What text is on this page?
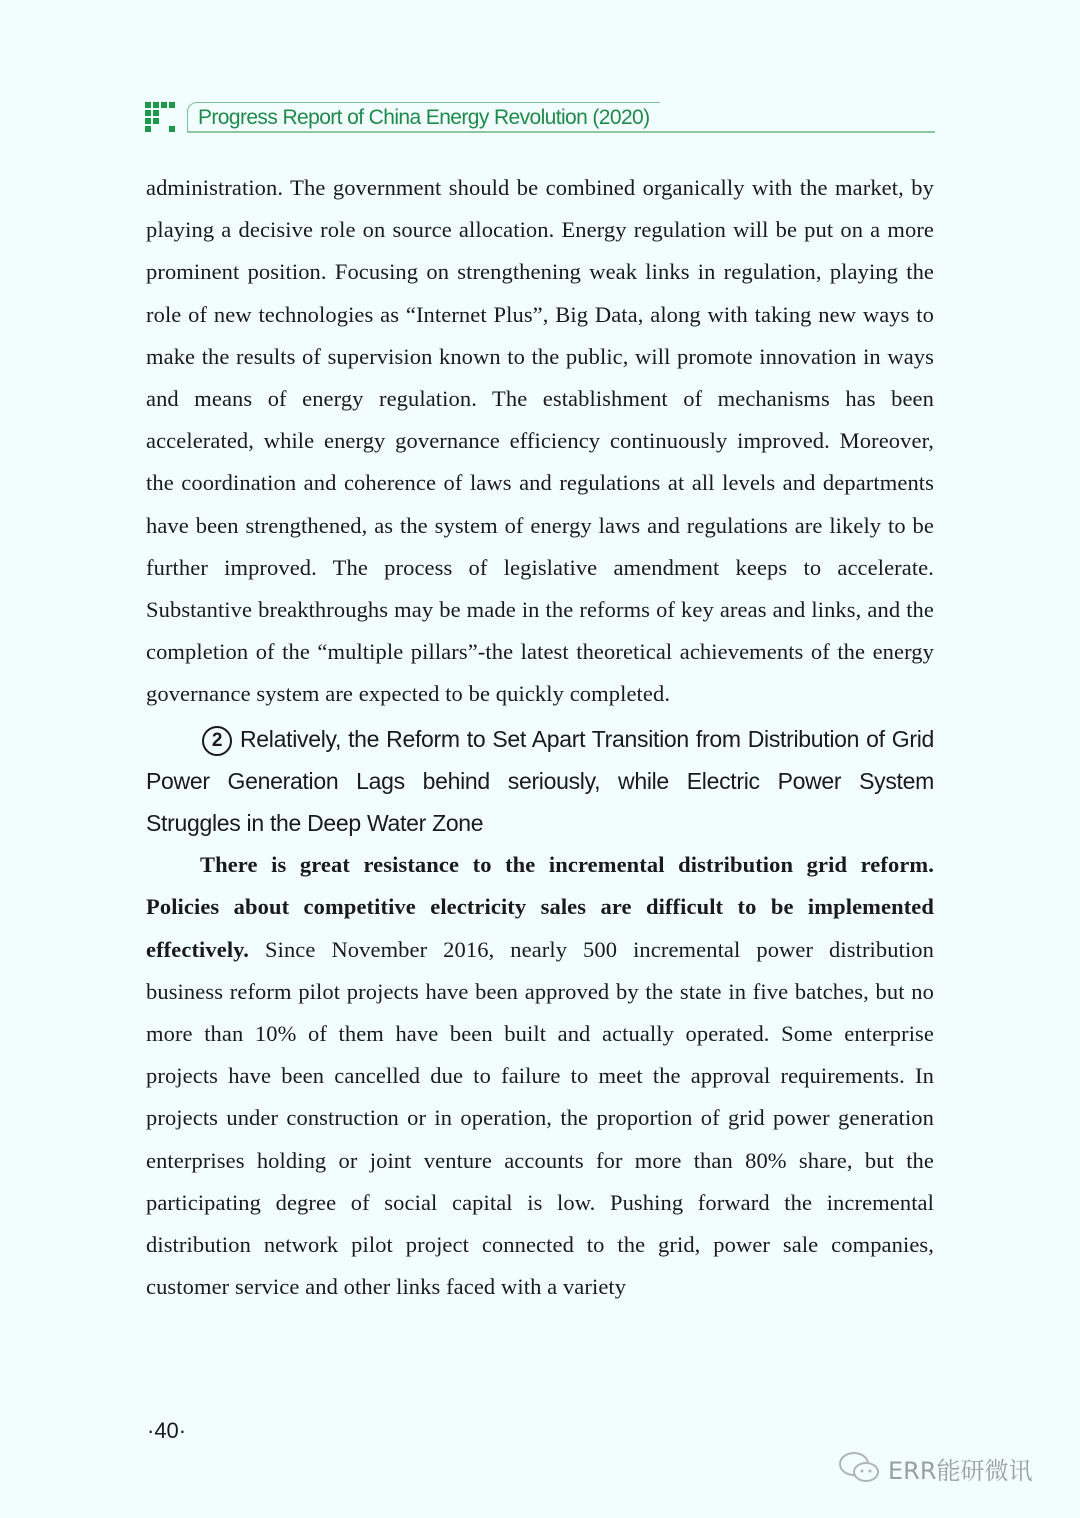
Progress Report of China Energy Revolution (2020)

administration. The government should be combined organically with the market, by playing a decisive role on source allocation. Energy regulation will be put on a more prominent position. Focusing on strengthening weak links in regulation, playing the role of new technologies as “Internet Plus”, Big Data, along with taking new ways to make the results of supervision known to the public, will promote innovation in ways and means of energy regulation. The establishment of mechanisms has been accelerated, while energy governance efficiency continuously improved. Moreover, the coordination and coherence of laws and regulations at all levels and departments have been strengthened, as the system of energy laws and regulations are likely to be further improved. The process of legislative amendment keeps to accelerate. Substantive breakthroughs may be made in the reforms of key areas and links, and the completion of the “multiple pillars”-the latest theoretical achievements of the energy governance system are expected to be quickly completed.

2 Relatively, the Reform to Set Apart Transition from Distribution of Grid Power Generation Lags behind seriously, while Electric Power System Struggles in the Deep Water Zone

There is great resistance to the incremental distribution grid reform. Policies about competitive electricity sales are difficult to be implemented effectively. Since November 2016, nearly 500 incremental power distribution business reform pilot projects have been approved by the state in five batches, but no more than 10% of them have been built and actually operated. Some enterprise projects have been cancelled due to failure to meet the approval requirements. In projects under construction or in operation, the proportion of grid power generation enterprises holding or joint venture accounts for more than 80% share, but the participating degree of social capital is low. Pushing forward the incremental distribution network pilot project connected to the grid, power sale companies, customer service and other links faced with a variety

·40·
ERR能研微讯
